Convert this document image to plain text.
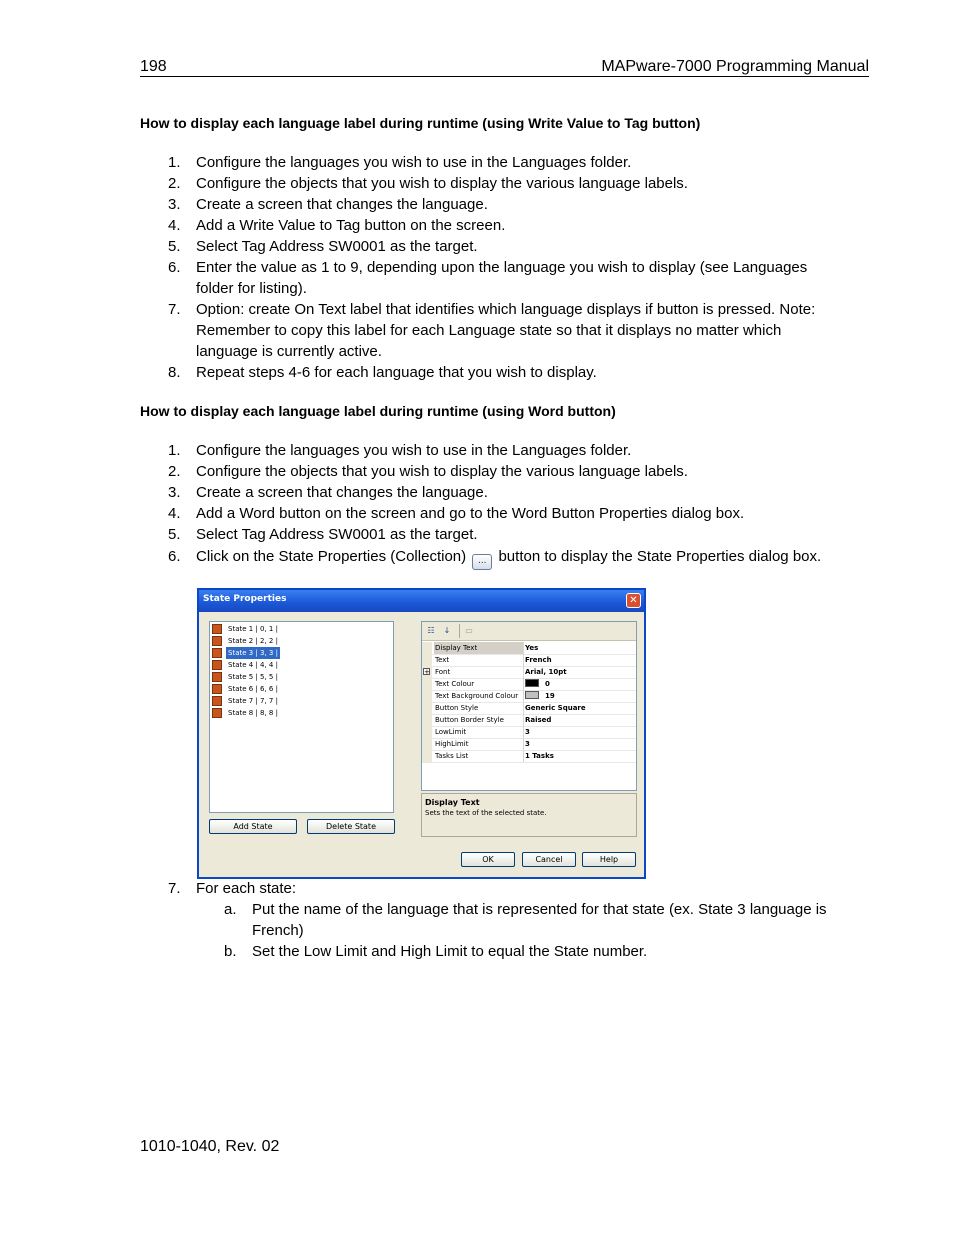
198	MAPware-7000 Programming Manual
How to display each language label during runtime (using Write Value to Tag button)
1. Configure the languages you wish to use in the Languages folder.
2. Configure the objects that you wish to display the various language labels.
3. Create a screen that changes the language.
4. Add a Write Value to Tag button on the screen.
5. Select Tag Address SW0001 as the target.
6. Enter the value as 1 to 9, depending upon the language you wish to display (see Languages folder for listing).
7. Option: create On Text label that identifies which language displays if button is pressed. Note: Remember to copy this label for each Language state so that it displays no matter which language is currently active.
8. Repeat steps 4-6 for each language that you wish to display.
How to display each language label during runtime (using Word button)
1. Configure the languages you wish to use in the Languages folder.
2. Configure the objects that you wish to display the various language labels.
3. Create a screen that changes the language.
4. Add a Word button on the screen and go to the Word Button Properties dialog box.
5. Select Tag Address SW0001 as the target.
6. Click on the State Properties (Collection) ... button to display the State Properties dialog box.
State Properties	✕
State 1 | 0, 1 |
State 2 | 2, 2 |
State 3 | 3, 3 |
State 4 | 4, 4 |
State 5 | 5, 5 |
State 6 | 6, 6 |
State 7 | 7, 7 |
State 8 | 8, 8 |
Add State	Delete State
☷	↓	▭
Display Text	Yes
Text	French
+ Font	Arial, 10pt
Text Colour	0
Text Background Colour	19
Button Style	Generic Square
Button Border Style	Raised
LowLimit	3
HighLimit	3
Tasks List	1 Tasks
Display Text
Sets the text of the selected state.
OK	Cancel	Help
7. For each state:
a. Put the name of the language that is represented for that state (ex. State 3 language is French)
b. Set the Low Limit and High Limit to equal the State number.
1010-1040, Rev. 02
